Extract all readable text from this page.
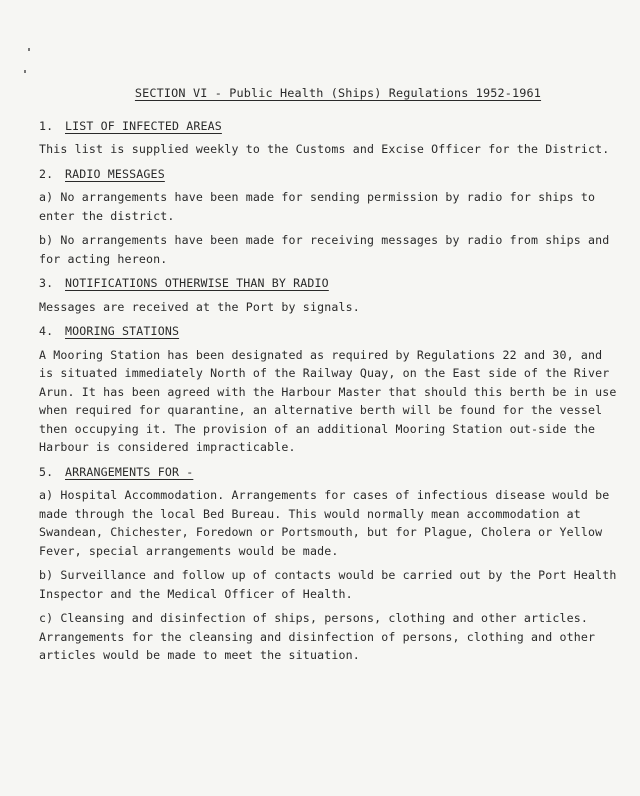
SECTION VI - Public Health (Ships) Regulations 1952-1961
1. LIST OF INFECTED AREAS

This list is supplied weekly to the Customs and Excise Officer for the District.

2. RADIO MESSAGES

a) No arrangements have been made for sending permission by radio for ships to enter the district.

b) No arrangements have been made for receiving messages by radio from ships and for acting hereon.

3. NOTIFICATIONS OTHERWISE THAN BY RADIO

Messages are received at the Port by signals.

4. MOORING STATIONS

A Mooring Station has been designated as required by Regulations 22 and 30, and is situated immediately North of the Railway Quay, on the East side of the River Arun. It has been agreed with the Harbour Master that should this berth be in use when required for quarantine, an alternative berth will be found for the vessel then occupying it. The provision of an additional Mooring Station out-side the Harbour is considered impracticable.

5. ARRANGEMENTS FOR -

a) Hospital Accommodation. Arrangements for cases of infectious disease would be made through the local Bed Bureau. This would normally mean accommodation at Swandean, Chichester, Foredown or Portsmouth, but for Plague, Cholera or Yellow Fever, special arrangements would be made.

b) Surveillance and follow up of contacts would be carried out by the Port Health Inspector and the Medical Officer of Health.

c) Cleansing and disinfection of ships, persons, clothing and other articles. Arrangements for the cleansing and disinfection of persons, clothing and other articles would be made to meet the situation.
